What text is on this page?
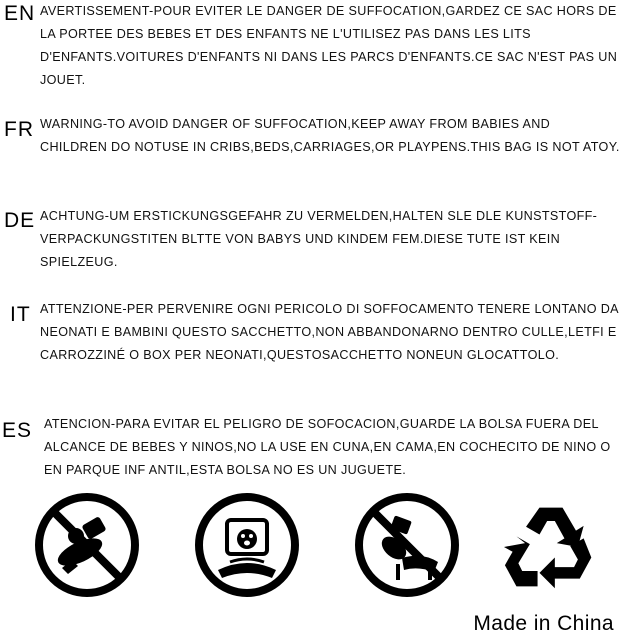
EN AVERTISSEMENT-POUR EVITER LE DANGER DE SUFFOCATION,GARDEZ CE SAC HORS DE LA PORTEE DES BEBES ET DES ENFANTS NE L'UTILISEZ PAS DANS LES LITS D'ENFANTS.VOITURES D'ENFANTS NI DANS LES PARCS D'ENFANTS.CE SAC N'EST PAS UN JOUET.
FR WARNING-TO AVOID DANGER OF SUFFOCATION,KEEP AWAY FROM BABIES AND CHILDREN DO NOTUSE IN CRIBS,BEDS,CARRIAGES,OR PLAYPENS.THIS BAG IS NOT ATOY.
DE ACHTUNG-UM ERSTICKUNGSGEFAHR ZU VERMELDEN,HALTEN SLE DLE KUNSTSTOFF-VERPACKUNGSTITEN BLTTE VON BABYS UND KINDEM FEM.DIESE TUTE IST KEIN SPIELZEUG.
IT ATTENZIONE-PER PERVENIRE OGNI PERICOLO DI SOFFOCAMENTO TENERE LONTANO DA NEONATI E BAMBINI QUESTO SACCHETTO,NON ABBANDONARNO DENTRO CULLE,LETFI E CARROZZINÉ O BOX PER NEONATI,QUESTOSACCHETTO NONEUN GLOCATTOLO.
ES ATENCION-PARA EVITAR EL PELIGRO DE SOFOCACION,GUARDE LA BOLSA FUERA DEL ALCANCE DE BEBES Y NINOS,NO LA USE EN CUNA,EN CAMA,EN COCHECITO DE NINO O EN PARQUE INF ANTIL,ESTA BOLSA NO ES UN JUGUETE.
Made in China
